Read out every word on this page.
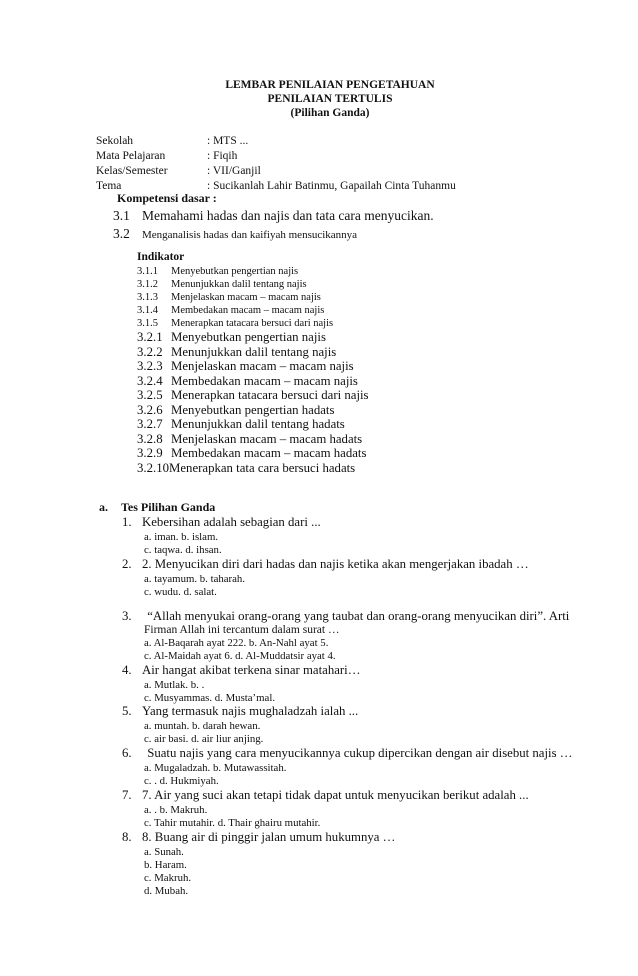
LEMBAR PENILAIAN PENGETAHUAN
PENILAIAN TERTULIS
(Pilihan Ganda)
Sekolah	: MTS ...
Mata Pelajaran	: Fiqih
Kelas/Semester	: VII/Ganjil
Tema	: Sucikanlah Lahir Batinmu, Gapailah Cinta Tuhanmu
Kompetensi dasar :
3.1 Memahami hadas dan najis dan tata cara menyucikan.
3.2 Menganalisis hadas dan kaifiyah mensucikannya
Indikator
3.1.1 Menyebutkan pengertian najis
3.1.2 Menunjukkan dalil tentang najis
3.1.3 Menjelaskan macam – macam najis
3.1.4 Membedakan macam – macam najis
3.1.5 Menerapkan tatacara bersuci dari najis
3.2.1 Menyebutkan pengertian najis
3.2.2 Menunjukkan dalil tentang najis
3.2.3 Menjelaskan macam – macam najis
3.2.4 Membedakan macam – macam najis
3.2.5 Menerapkan tatacara bersuci dari najis
3.2.6 Menyebutkan pengertian hadats
3.2.7 Menunjukkan dalil tentang hadats
3.2.8 Menjelaskan macam – macam hadats
3.2.9 Membedakan macam – macam hadats
3.2.10 Menerapkan tata cara bersuci hadats
a. Tes Pilihan Ganda
1. Kebersihan adalah sebagian dari ...
a. iman. b. islam.
c. taqwa. d. ihsan.
2. 2. Menyucikan diri dari hadas dan najis ketika akan mengerjakan ibadah …
a. tayamum. b. taharah.
c. wudu. d. salat.
3. “Allah menyukai orang-orang yang taubat dan orang-orang menyucikan diri”. Arti
Firman Allah ini tercantum dalam surat …
a. Al-Baqarah ayat 222. b. An-Nahl ayat 5.
c. Al-Maidah ayat 6. d. Al-Muddatsir ayat 4.
4. Air hangat akibat terkena sinar matahari…
a. Mutlak. b. .
c. Musyammas. d. Musta’mal.
5. Yang termasuk najis mughaladzah ialah ...
a. muntah. b. darah hewan.
c. air basi. d. air liur anjing.
6. Suatu najis yang cara menyucikannya cukup dipercikan dengan air disebut najis …
a. Mugaladzah. b. Mutawassitah.
c. . d. Hukmiyah.
7. 7. Air yang suci akan tetapi tidak dapat untuk menyucikan berikut adalah ...
a. . b. Makruh.
c. Tahir mutahir. d. Thair ghairu mutahir.
8. 8. Buang air di pinggir jalan umum hukumnya …
a. Sunah.
b. Haram.
c. Makruh.
d. Mubah.
